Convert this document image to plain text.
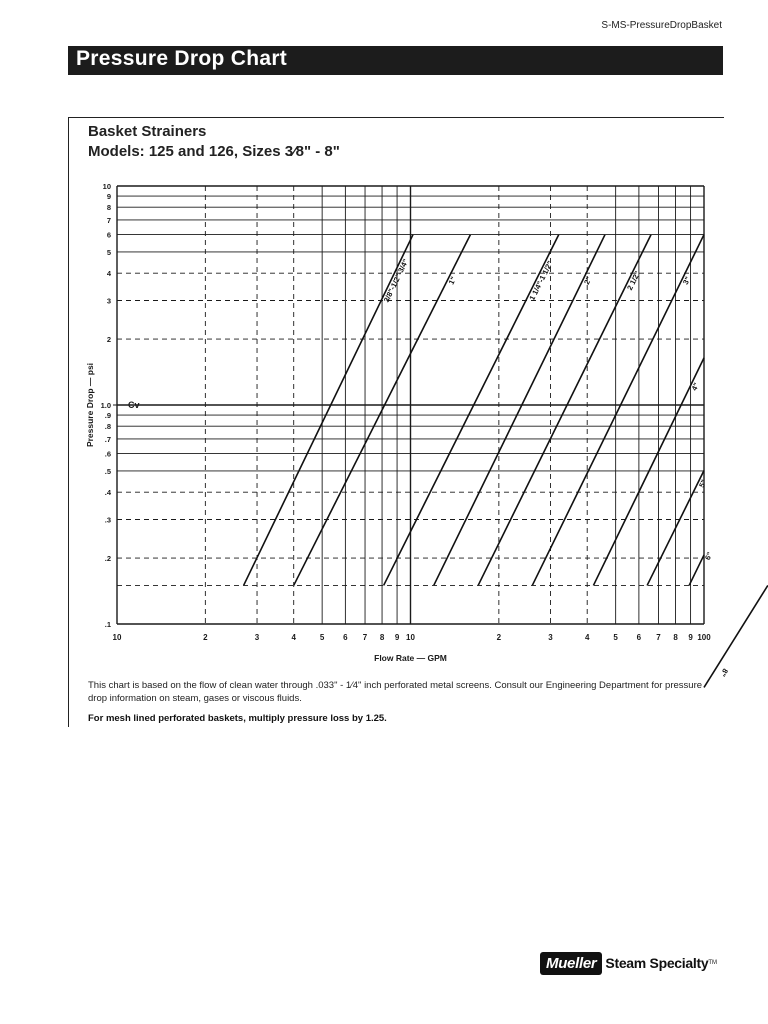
S-MS-PressureDropBasket
Pressure Drop Chart
Basket Strainers
Models: 125 and 126, Sizes 3⁄8" - 8"
10	2	3	4	5 6 7 8 9 10	2	3	4	5 6 7 8 9 100
.1
.2
.3
.4
.5
.6
.7
.8
.9
1.0
2
3
4
5
6
7
8
9
10
Cv
Flow Rate — GPM
Pressure Drop — psi
3/8"-1/2"-3/4"	1"	1 1/4"-1 1/2"	2"	2 1/2"	3"
4"
5"
6"
8"
This chart is based on the flow of clean water through .033" - 1⁄4" inch perforated metal screens. Consult our Engineering Department for pressure drop information on steam, gases or viscous fluids.
For mesh lined perforated baskets, multiply pressure loss by 1.25.
Mueller Steam Specialty TM
